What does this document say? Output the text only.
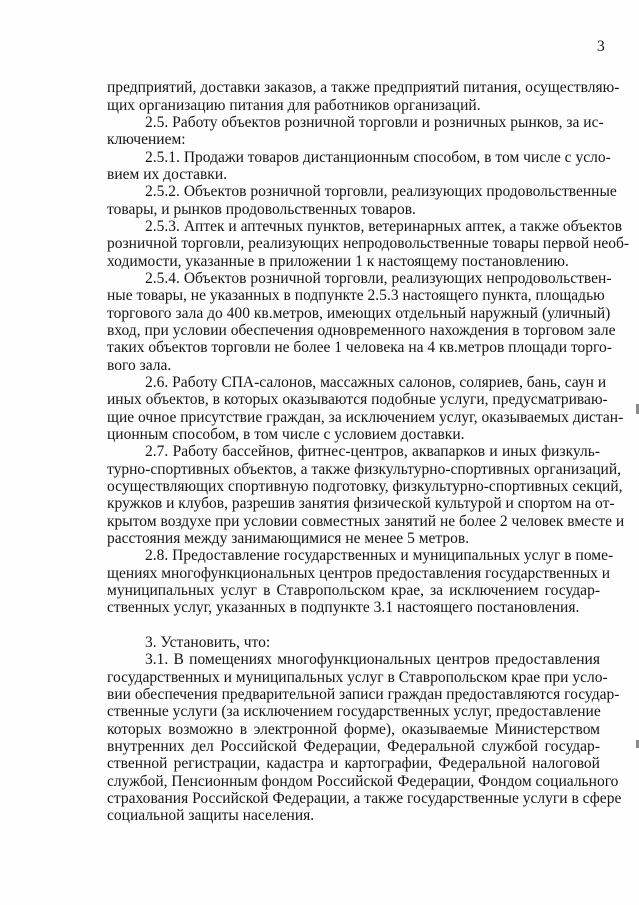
3
предприятий, доставки заказов, а также предприятий питания, осуществляю-
щих организацию питания для работников организаций.
2.5. Работу объектов розничной торговли и розничных рынков, за ис-
ключением:
2.5.1. Продажи товаров дистанционным способом, в том числе с усло-
вием их доставки.
2.5.2. Объектов розничной торговли, реализующих продовольственные
товары, и рынков продовольственных товаров.
2.5.3. Аптек и аптечных пунктов, ветеринарных аптек, а также объектов
розничной торговли, реализующих непродовольственные товары первой необ-
ходимости, указанные в приложении 1 к настоящему постановлению.
2.5.4. Объектов розничной торговли, реализующих непродовольствен-
ные товары, не указанных в подпункте 2.5.3 настоящего пункта, площадью
торгового зала до 400 кв.метров, имеющих отдельный наружный (уличный)
вход, при условии обеспечения одновременного нахождения в торговом зале
таких объектов торговли не более 1 человека на 4 кв.метров площади торго-
вого зала.
2.6. Работу СПА-салонов, массажных салонов, соляриев, бань, саун и
иных объектов, в которых оказываются подобные услуги, предусматриваю-
щие очное присутствие граждан, за исключением услуг, оказываемых дистан-
ционным способом, в том числе с условием доставки.
2.7. Работу бассейнов, фитнес-центров, аквапарков и иных физкуль-
турно-спортивных объектов, а также физкультурно-спортивных организаций,
осуществляющих спортивную подготовку, физкультурно-спортивных секций,
кружков и клубов, разрешив занятия физической культурой и спортом на от-
крытом воздухе при условии совместных занятий не более 2 человек вместе и
расстояния между занимающимися не менее 5 метров.
2.8. Предоставление государственных и муниципальных услуг в поме-
щениях многофункциональных центров предоставления государственных и
муниципальных услуг в Ставропольском крае, за исключением государ-
ственных услуг, указанных в подпункте 3.1 настоящего постановления.
3. Установить, что:
3.1. В помещениях многофункциональных центров предоставления
государственных и муниципальных услуг в Ставропольском крае при усло-
вии обеспечения предварительной записи граждан предоставляются государ-
ственные услуги (за исключением государственных услуг, предоставление
которых возможно в электронной форме), оказываемые Министерством
внутренних дел Российской Федерации, Федеральной службой государ-
ственной регистрации, кадастра и картографии, Федеральной налоговой
службой, Пенсионным фондом Российской Федерации, Фондом социального
страхования Российской Федерации, а также государственные услуги в сфере
социальной защиты населения.
